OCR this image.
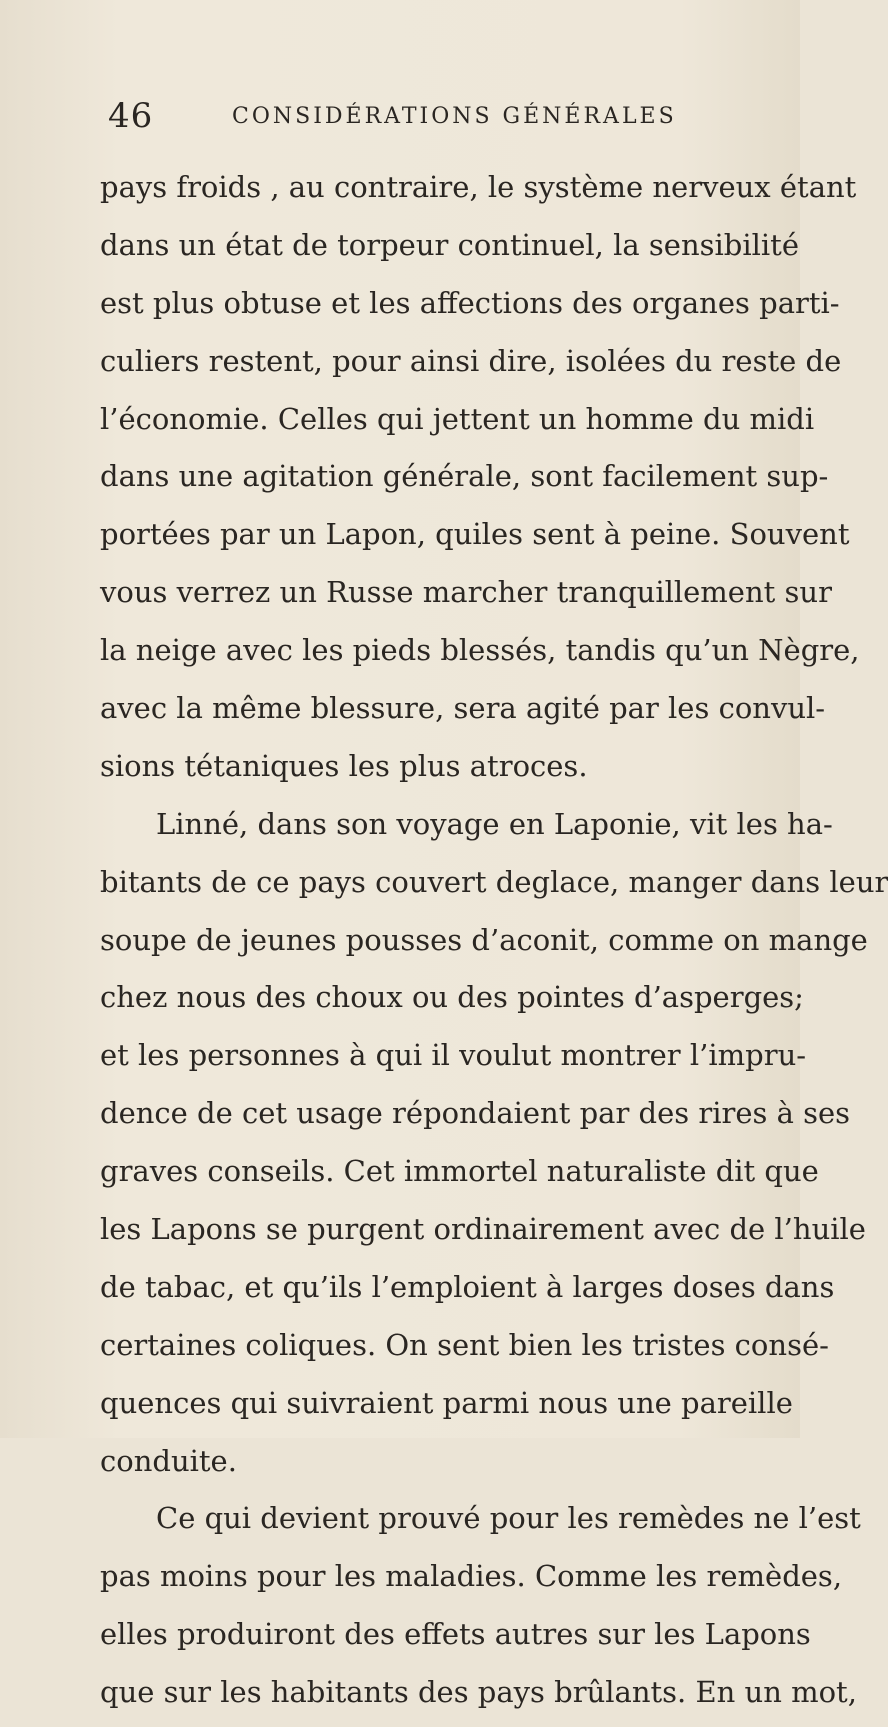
46	CONSIDÉRATIONS GÉNÉRALES
pays froids , au contraire, le système nerveux étant
dans un état de torpeur continuel, la sensibilité
est plus obtuse et les affections des organes parti-
culiers restent, pour ainsi dire, isolées du reste de
l’économie. Celles qui jettent un homme du midi
dans une agitation générale, sont facilement sup-
portées par un Lapon, quiles sent à peine. Souvent
vous verrez un Russe marcher tranquillement sur
la neige avec les pieds blessés, tandis qu’un Nègre,
avec la même blessure, sera agité par les convul-
sions tétaniques les plus atroces.
Linné, dans son voyage en Laponie, vit les ha-
bitants de ce pays couvert deglace, manger dans leur
soupe de jeunes pousses d’aconit, comme on mange
chez nous des choux ou des pointes d’asperges;
et les personnes à qui il voulut montrer l’impru-
dence de cet usage répondaient par des rires à ses
graves conseils. Cet immortel naturaliste dit que
les Lapons se purgent ordinairement avec de l’huile
de tabac, et qu’ils l’emploient à larges doses dans
certaines coliques. On sent bien les tristes consé-
quences qui suivraient parmi nous une pareille
conduite.
Ce qui devient prouvé pour les remèdes ne l’est
pas moins pour les maladies. Comme les remèdes,
elles produiront des effets autres sur les Lapons
que sur les habitants des pays brûlants. En un mot,
